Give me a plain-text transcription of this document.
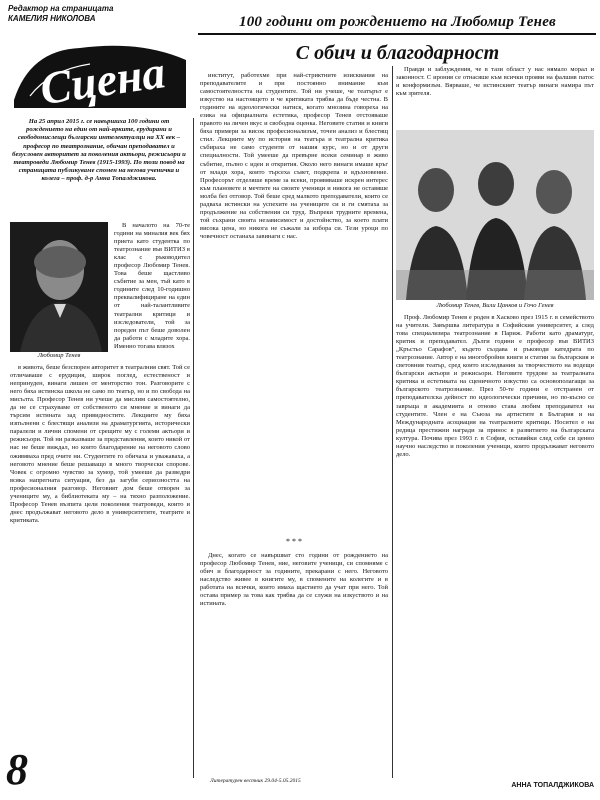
Редактор на страницата
КАМЕЛИЯ НИКОЛОВА	100 години от рождението на Любомир Тенев
Сцена	С обич и благодарност
На 25 април 2015 г. се навършиха 100 години от рождението на един от най-ярките, ерудирани и свободомислещи български интелектуалци на XX век – професор по театрознание, обичан преподавател и безусловен авторитет за поколения актьори, режисьори и театроведи Любомир Тенев (1915-1993). По този повод на страницата публикуваме спомен на негова ученичка и колега – проф. д-р Анна Топалджикова.
Любомир Тенев

В началото на 70-те години на миналия век бях приета като студентка по театрознание във ВИТИЗ в клас с ръководител професор Любомир Тенев. Това беше щастливо събитие за мен, тъй като в годините след 10-годишно преквалифициране на един от най-талантливите театрални критици и изследователи, той за пореден път беше доволен да работи с младите хора. Именно тогава влязох

в живота, беше безспорен авторитет в театралния свят. Той се отличаваше с ерудиция, широк поглед, естественост и непринуден, винаги лишен от менторство тон. Разговорите с него бяха истинска школа не само по театър, но и по свобода на мисълта. Професор Тенев ни учеше да мислим самостоятелно, да не се страхуваме от собственото си мнение и винаги да търсим истината зад привидностите. Лекциите му бяха изпълнени с блестящи анализи на драматургията, исторически паралели и лични спомени от срещите му с големи актьори и режисьори. Той ни разказваше за представления, които никой от нас не беше виждал, но които благодарение на неговото слово оживяваха пред очите ни. Студентите го обичаха и уважаваха, а неговото мнение беше решаващо в много творчески спорове. Човек с огромно чувство за хумор, той умееше да разведри всяка напрегната ситуация, без да загуби сериозността на професионалния разговор. Неговият дом беше отворен за учениците му, а библиотеката му – на тяхно разположение. Професор Тенев възпита цели поколения театроведи, които и днес продължават неговото дело в университетите, театрите и критиката.

институт, работехме при най-стриктните изисквания на преподавателите и при постоянно внимание към самостоятелността на студентите. Той ни учеше, че театърът е изкуство на настоящето и че критиката трябва да бъде честна. В годините на идеологически натиск, когато мнозина говореха на езика на официалната естетика, професор Тенев отстояваше правото на личен вкус и свободна оценка. Неговите статии и книги бяха примери за висок професионализъм, точен анализ и блестящ стил. Лекциите му по история на театъра и театрална критика събираха не само студенти от нашия курс, но и от други специалности. Той умееше да превърне всеки семинар в живо събитие, пълно с идеи и открития. Около него винаги имаше кръг от млади хора, които търсеха съвет, подкрепа и вдъхновение. Професорът отделяше време за всеки, проявяваше искрен интерес към плановете и мечтите на своите ученици и никога не оставяше молба без отговор. Той беше сред малкото преподаватели, които се радваха истински на успехите на учениците си и ги смятаха за продължение на собствения си труд. Въпреки трудните времена, той съхрани своята независимост и достойнство, за което плати висока цена, но никога не съжали за избора си. Тези уроци по човечност останаха завинаги с нас.

* * *

Днес, когато се навършват сто години от рождението на професор Любомир Тенев, ние, неговите ученици, си спомняме с обич и благодарност за годините, прекарани с него. Неговото наследство живее в книгите му, в спомените на колегите и в работата на всички, които имаха щастието да учат при него. Той остава пример за това как трябва да се служи на изкуството и на истината.

Правди и заблуждения, че в тази област у нас нямало морал и законност. С ирония се отнасяше към всички прояви на фалшив патос и конформизъм. Вярваше, че истинският театър винаги намира път към зрителя.

Любомир Тенев, Вили Цанков и Гочо Генев

Проф. Любомир Тенев е роден в Хасково през 1915 г. в семейството на учители. Завършва литература в Софийския университет, а след това специализира театрознание в Париж. Работи като драматург, критик и преподавател. Дълги години е професор във ВИТИЗ „Кръстьо Сарафов“, където създава и ръководи катедрата по театрознание. Автор е на многобройни книги и статии за българския и световния театър, сред които изследвания за творчеството на водещи български актьори и режисьори. Неговите трудове за театралната критика и естетиката на сценичното изкуство са основополагащи за българското театрознание. През 50-те години е отстранен от преподавателска дейност по идеологически причини, но по-късно се завръща в академията и отново става любим преподавател на студентите. Член е на Съюза на артистите в България и на Международната асоциация на театралните критици. Носител е на редица престижни награди за принос в развитието на българската култура. Почива през 1993 г. в София, оставяйки след себе си ценно научно наследство и поколения ученици, които продължават неговото дело.

8	Литературен вестник 29.04-5.05.2015
АННА ТОПАЛДЖИКОВА
